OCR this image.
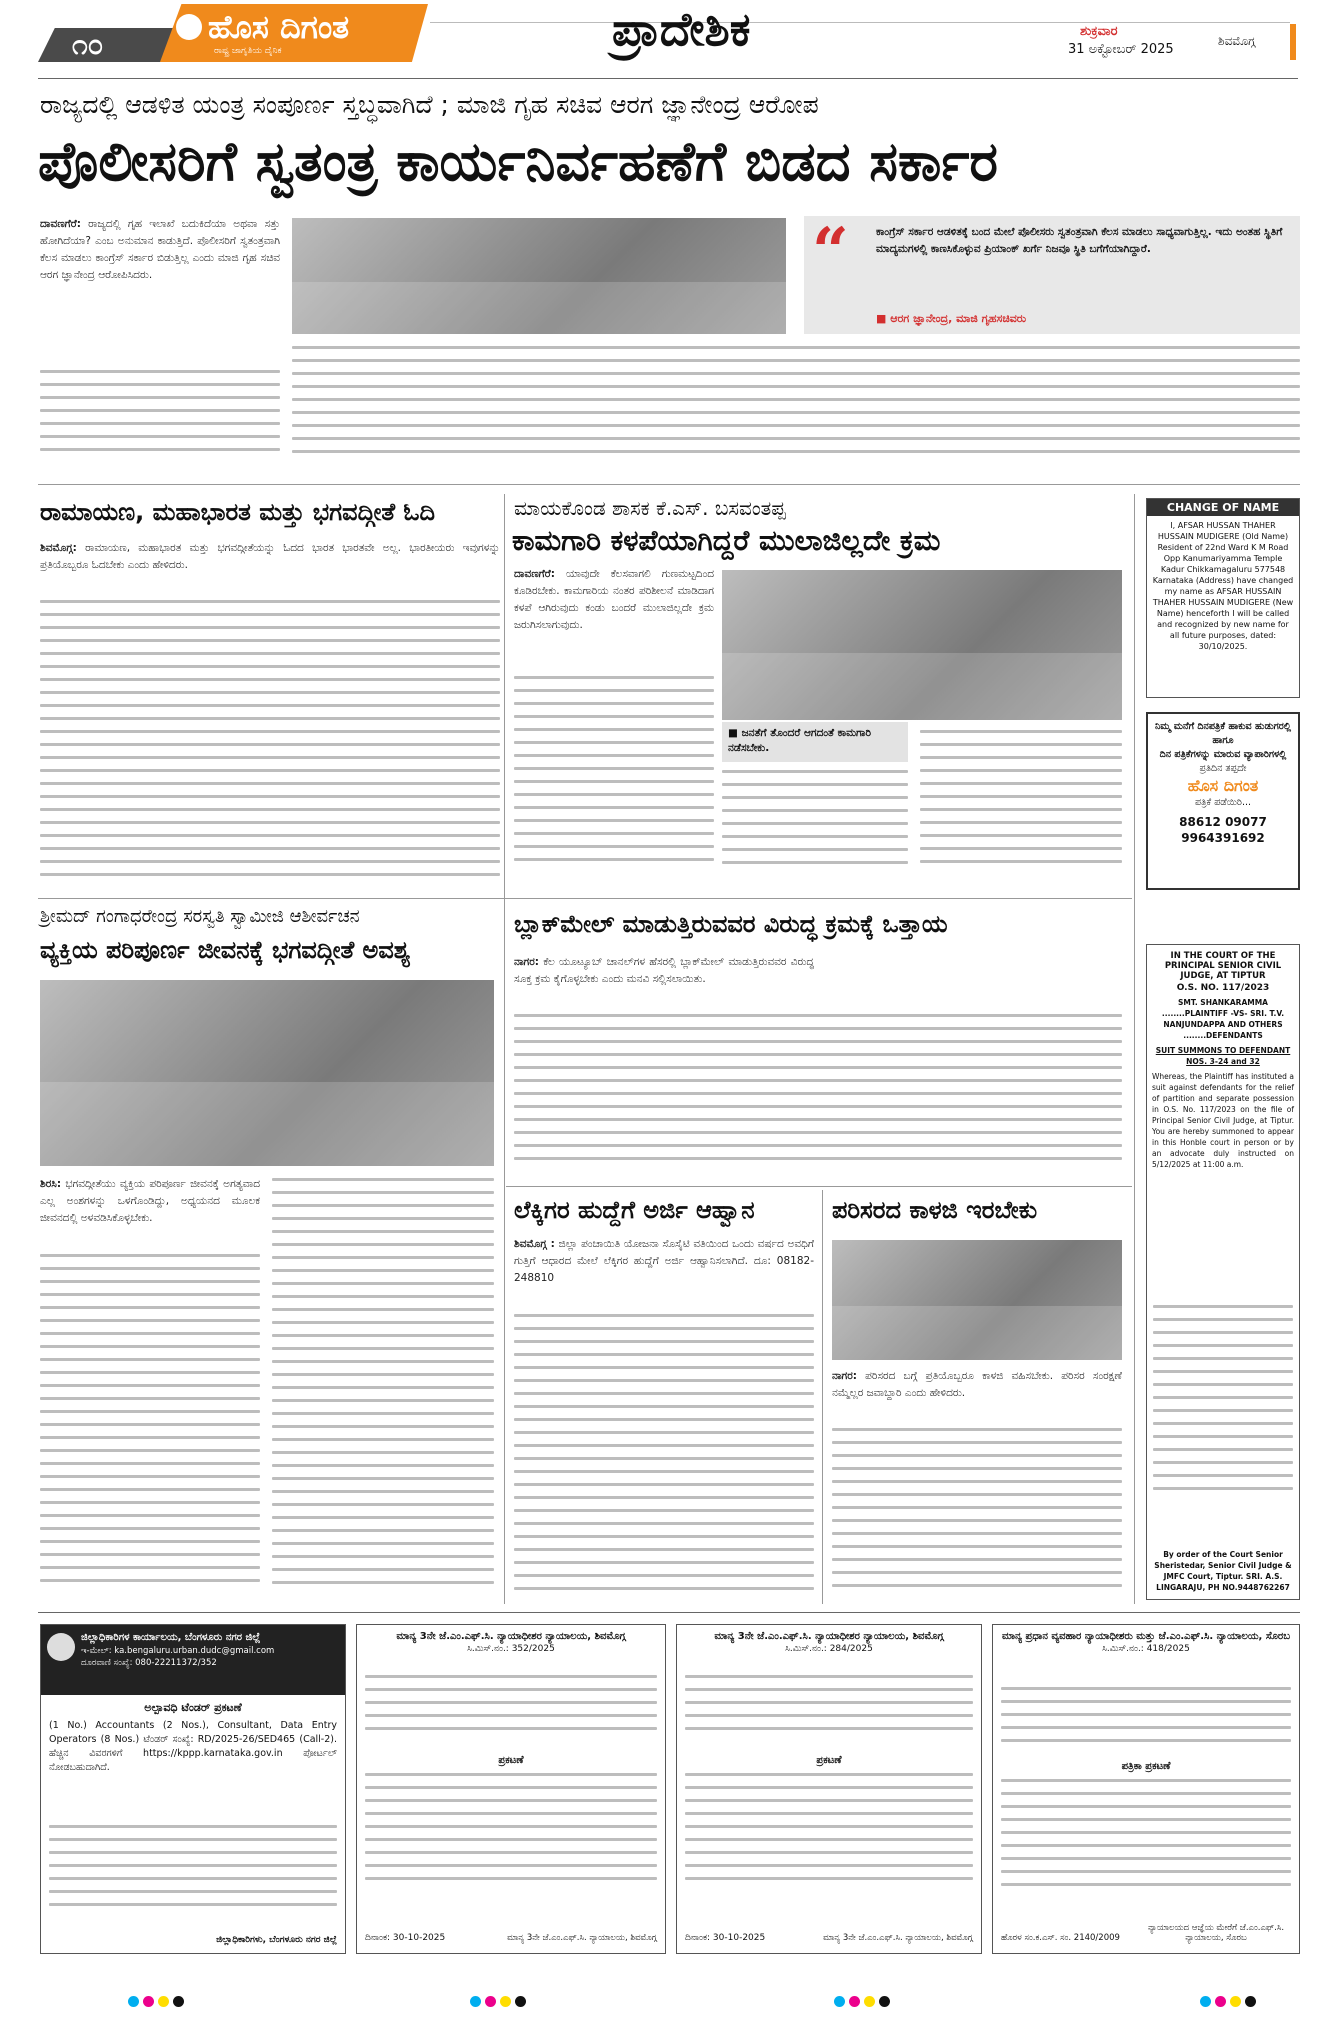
೧೦	ಹೊಸ ದಿಗಂತ
ರಾಷ್ಟ್ರ ಜಾಗೃತಿಯ ದೈನಿಕ	ಪ್ರಾದೇಶಿಕ	ಶುಕ್ರವಾರ
31 ಅಕ್ಟೋಬರ್ 2025
ಶಿವಮೊಗ್ಗ
ರಾಜ್ಯದಲ್ಲಿ ಆಡಳಿತ ಯಂತ್ರ ಸಂಪೂರ್ಣ ಸ್ತಬ್ಧವಾಗಿದೆ ; ಮಾಜಿ ಗೃಹ ಸಚಿವ ಆರಗ ಜ್ಞಾನೇಂದ್ರ ಆರೋಪ
ಪೊಲೀಸರಿಗೆ ಸ್ವತಂತ್ರ ಕಾರ್ಯನಿರ್ವಹಣೆಗೆ ಬಿಡದ ಸರ್ಕಾರ
ದಾವಣಗೆರೆ: ರಾಜ್ಯದಲ್ಲಿ ಗೃಹ ಇಲಾಖೆ ಬದುಕಿದೆಯಾ ಅಥವಾ ಸತ್ತು ಹೋಗಿದೆಯಾ? ಎಂಬ ಅನುಮಾನ ಕಾಡುತ್ತಿದೆ. ಪೊಲೀಸರಿಗೆ ಸ್ವತಂತ್ರವಾಗಿ ಕೆಲಸ ಮಾಡಲು ಕಾಂಗ್ರೆಸ್ ಸರ್ಕಾರ ಬಿಡುತ್ತಿಲ್ಲ ಎಂದು ಮಾಜಿ ಗೃಹ ಸಚಿವ ಆರಗ ಜ್ಞಾನೇಂದ್ರ ಆರೋಪಿಸಿದರು.	“	ಕಾಂಗ್ರೆಸ್ ಸರ್ಕಾರ ಆಡಳಿತಕ್ಕೆ ಬಂದ ಮೇಲೆ ಪೊಲೀಸರು ಸ್ವತಂತ್ರವಾಗಿ ಕೆಲಸ ಮಾಡಲು ಸಾಧ್ಯವಾಗುತ್ತಿಲ್ಲ. ಇದು ಅಂತಹ ಸ್ಥಿತಿಗೆ ಮಾದ್ಯಮಗಳಲ್ಲಿ ಕಾಣಸಿಕೊಳ್ಳುವ ಪ್ರಿಯಾಂಕ್ ಖರ್ಗೆ ನಿಜವೂ ಸ್ಥಿತಿ ಬಗೆಗೆಯಾಗಿದ್ದಾರೆ.
■ ಆರಗ ಜ್ಞಾನೇಂದ್ರ, ಮಾಜಿ ಗೃಹಸಚಿವರು
ರಾಮಾಯಣ, ಮಹಾಭಾರತ ಮತ್ತು ಭಗವದ್ಗೀತೆ ಓದಿ
ಶಿವಮೊಗ್ಗ: ರಾಮಾಯಣ, ಮಹಾಭಾರತ ಮತ್ತು ಭಗವದ್ಗೀತೆಯನ್ನು ಓದದ ಭಾರತ ಭಾರತವೇ ಅಲ್ಲ. ಭಾರತೀಯರು ಇವುಗಳನ್ನು ಪ್ರತಿಯೊಬ್ಬರೂ ಓದಬೇಕು ಎಂದು ಹೇಳಿದರು.
ಮಾಯಕೊಂಡ ಶಾಸಕ ಕೆ.ಎಸ್. ಬಸವಂತಪ್ಪ
ಕಾಮಗಾರಿ ಕಳಪೆಯಾಗಿದ್ದರೆ ಮುಲಾಜಿಲ್ಲದೇ ಕ್ರಮ
ದಾವಣಗೆರೆ: ಯಾವುದೇ ಕೆಲಸವಾಗಲಿ ಗುಣಮಟ್ಟದಿಂದ ಕೂಡಿರಬೇಕು. ಕಾಮಗಾರಿಯ ನಂತರ ಪರಿಶೀಲನೆ ಮಾಡಿದಾಗ ಕಳಪೆ ಆಗಿರುವುದು ಕಂಡು ಬಂದರೆ ಮುಲಾಜಿಲ್ಲದೇ ಕ್ರಮ ಜರುಗಿಸಲಾಗುವುದು.
■ ಜನತೆಗೆ ತೊಂದರೆ ಆಗದಂತೆ ಕಾಮಗಾರಿ ನಡೆಸಬೇಕು.
CHANGE OF NAME
I, AFSAR HUSSAN THAHER HUSSAIN MUDIGERE (Old Name) Resident of 22nd Ward K M Road Opp Kanumariyamma Temple Kadur Chikkamagaluru 577548 Karnataka (Address) have changed my name as AFSAR HUSSAIN THAHER HUSSAIN MUDIGERE (New Name) henceforth I will be called and recognized by new name for all future purposes, dated: 30/10/2025.
ನಿಮ್ಮ ಮನೆಗೆ ದಿನಪತ್ರಿಕೆ ಹಾಕುವ ಹುಡುಗರಲ್ಲಿ ಹಾಗೂ
ದಿನ ಪತ್ರಿಕೆಗಳನ್ನು ಮಾರುವ ವ್ಯಾಪಾರಿಗಳಲ್ಲಿ
ಪ್ರತಿದಿನ ತಪ್ಪದೇ
ಹೊಸ ದಿಗಂತ
ಪತ್ರಿಕೆ ಪಡೆಯಿರಿ...
88612 09077
9964391692
IN THE COURT OF THE PRINCIPAL SENIOR CIVIL JUDGE, AT TIPTUR
O.S. NO. 117/2023
SMT. SHANKARAMMA ........PLAINTIFF -VS- SRI. T.V. NANJUNDAPPA AND OTHERS ........DEFENDANTS
SUIT SUMMONS TO DEFENDANT NOS. 3-24 and 32
Whereas, the Plaintiff has instituted a suit against defendants for the relief of partition and separate possession in O.S. No. 117/2023 on the file of Principal Senior Civil Judge, at Tiptur. You are hereby summoned to appear in this Honble court in person or by an advocate duly instructed on 5/12/2025 at 11:00 a.m.
By order of the Court Senior Sheristedar, Senior Civil Judge & JMFC Court, Tiptur. SRI. A.S. LINGARAJU, PH NO.9448762267
ಶ್ರೀಮದ್ ಗಂಗಾಧರೇಂದ್ರ ಸರಸ್ವತಿ ಸ್ವಾಮೀಜಿ ಆಶೀರ್ವಚನ
ವ್ಯಕ್ತಿಯ ಪರಿಪೂರ್ಣ ಜೀವನಕ್ಕೆ ಭಗವದ್ಗೀತೆ ಅವಶ್ಯ
ಶಿರಸಿ: ಭಗವದ್ಗೀತೆಯು ವ್ಯಕ್ತಿಯ ಪರಿಪೂರ್ಣ ಜೀವನಕ್ಕೆ ಅಗತ್ಯವಾದ ಎಲ್ಲ ಅಂಶಗಳನ್ನು ಒಳಗೊಂಡಿದ್ದು, ಅಧ್ಯಯನದ ಮೂಲಕ ಜೀವನದಲ್ಲಿ ಅಳವಡಿಸಿಕೊಳ್ಳಬೇಕು.
ಬ್ಲಾಕ್‌ಮೇಲ್ ಮಾಡುತ್ತಿರುವವರ ವಿರುದ್ಧ ಕ್ರಮಕ್ಕೆ ಒತ್ತಾಯ
ನಾಗರ: ಕೆಲ ಯೂಟ್ಯೂಬ್ ಚಾನಲ್‌ಗಳ ಹೆಸರಲ್ಲಿ ಬ್ಲಾಕ್‌ಮೇಲ್ ಮಾಡುತ್ತಿರುವವರ ವಿರುದ್ಧ ಸೂಕ್ತ ಕ್ರಮ ಕೈಗೊಳ್ಳಬೇಕು ಎಂದು ಮನವಿ ಸಲ್ಲಿಸಲಾಯಿತು.
ಲೆಕ್ಕಿಗರ ಹುದ್ದೆಗೆ ಅರ್ಜಿ ಆಹ್ವಾನ
ಶಿವಮೊಗ್ಗ : ಜಿಲ್ಲಾ ಪಂಚಾಯಿತಿ ಯೋಜನಾ ಸೊಸೈಟಿ ವತಿಯಿಂದ ಒಂದು ವರ್ಷದ ಅವಧಿಗೆ ಗುತ್ತಿಗೆ ಆಧಾರದ ಮೇಲೆ ಲೆಕ್ಕಿಗರ ಹುದ್ದೆಗೆ ಅರ್ಜಿ ಆಹ್ವಾನಿಸಲಾಗಿದೆ. ದೂ: 08182-248810
ಪರಿಸರದ ಕಾಳಜಿ ಇರಬೇಕು
ನಾಗರ: ಪರಿಸರದ ಬಗ್ಗೆ ಪ್ರತಿಯೊಬ್ಬರೂ ಕಾಳಜಿ ವಹಿಸಬೇಕು. ಪರಿಸರ ಸಂರಕ್ಷಣೆ ನಮ್ಮೆಲ್ಲರ ಜವಾಬ್ದಾರಿ ಎಂದು ಹೇಳಿದರು.
ಜಿಲ್ಲಾಧಿಕಾರಿಗಳ ಕಾರ್ಯಾಲಯ, ಬೆಂಗಳೂರು ನಗರ ಜಿಲ್ಲೆ
ಇ-ಮೇಲ್: ka.bengaluru.urban.dudc@gmail.com
ದೂರವಾಣಿ ಸಂಖ್ಯೆ: 080-22211372/352
ಅಲ್ಪಾವಧಿ ಟೆಂಡರ್ ಪ್ರಕಟಣೆ
(1 No.) Accountants (2 Nos.), Consultant, Data Entry Operators (8 Nos.) ಟೆಂಡರ್ ಸಂಖ್ಯೆ: RD/2025-26/SED465 (Call-2). ಹೆಚ್ಚಿನ ವಿವರಗಳಿಗೆ https://kppp.karnataka.gov.in ಪೋರ್ಟಲ್ ನೋಡಬಹುದಾಗಿದೆ.
ಜಿಲ್ಲಾಧಿಕಾರಿಗಳು, ಬೆಂಗಳೂರು ನಗರ ಜಿಲ್ಲೆ
ಮಾನ್ಯ 3ನೇ ಜೆ.ಎಂ.ಎಫ್.ಸಿ. ನ್ಯಾಯಾಧೀಶರ ನ್ಯಾಯಾಲಯ, ಶಿವಮೊಗ್ಗ
ಸಿ.ಮಿಸ್.ನಂ.: 352/2025
ಪ್ರಕಟಣೆ
ದಿನಾಂಕ: 30-10-2025	ಮಾನ್ಯ 3ನೇ ಜೆ.ಎಂ.ಎಫ್.ಸಿ. ನ್ಯಾಯಾಲಯ, ಶಿವಮೊಗ್ಗ
ಮಾನ್ಯ 3ನೇ ಜೆ.ಎಂ.ಎಫ್.ಸಿ. ನ್ಯಾಯಾಧೀಶರ ನ್ಯಾಯಾಲಯ, ಶಿವಮೊಗ್ಗ
ಸಿ.ಮಿಸ್.ನಂ.: 284/2025
ಪ್ರಕಟಣೆ
ದಿನಾಂಕ: 30-10-2025	ಮಾನ್ಯ 3ನೇ ಜೆ.ಎಂ.ಎಫ್.ಸಿ. ನ್ಯಾಯಾಲಯ, ಶಿವಮೊಗ್ಗ
ಮಾನ್ಯ ಪ್ರಧಾನ ವ್ಯವಹಾರ ನ್ಯಾಯಾಧೀಶರು ಮತ್ತು ಜೆ.ಎಂ.ಎಫ್.ಸಿ. ನ್ಯಾಯಾಲಯ, ಸೊರಬ
ಸಿ.ಮಿಸ್.ನಂ.: 418/2025
ಪತ್ರಿಕಾ ಪ್ರಕಟಣೆ
ಹೊರಳ ಸಂ.ಕ.ಎಸ್. ಸಂ. 2140/2009
ನ್ಯಾಯಾಲಯದ ಆಜ್ಞೆಯ ಮೇರೆಗೆ ಜೆ.ಎಂ.ಎಫ್.ಸಿ. ನ್ಯಾಯಾಲಯ, ಸೊರಬ
